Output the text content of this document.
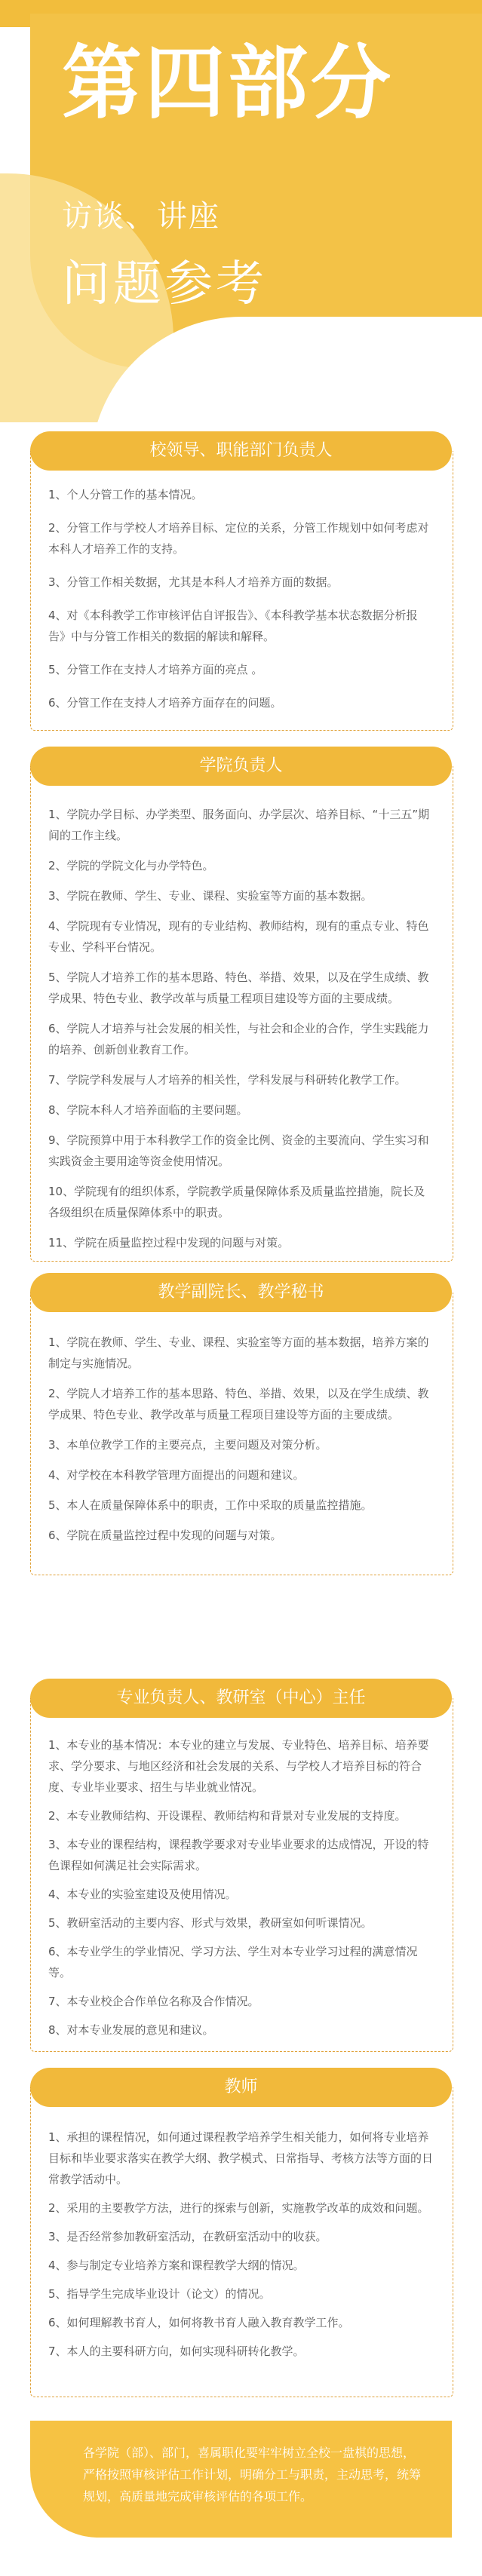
第四部分

访谈、讲座

问题参考

校领导、职能部门负责人

1、个人分管工作的基本情况。

2、分管工作与学校人才培养目标、定位的关系，分管工作规划中如何考虑对本科人才培养工作的支持。

3、分管工作相关数据，尤其是本科人才培养方面的数据。

4、对《本科教学工作审核评估自评报告》、《本科教学基本状态数据分析报告》中与分管工作相关的数据的解读和解释。

5、分管工作在支持人才培养方面的亮点 。

6、分管工作在支持人才培养方面存在的问题。

学院负责人

1、学院办学目标、办学类型、服务面向、办学层次、培养目标、“十三五”期间的工作主线。

2、学院的学院文化与办学特色。

3、学院在教师、学生、专业、课程、实验室等方面的基本数据。

4、学院现有专业情况，现有的专业结构、教师结构，现有的重点专业、特色专业、学科平台情况。

5、学院人才培养工作的基本思路、特色、举措、效果，以及在学生成绩、教学成果、特色专业、教学改革与质量工程项目建设等方面的主要成绩。

6、学院人才培养与社会发展的相关性，与社会和企业的合作，学生实践能力的培养、创新创业教育工作。

7、学院学科发展与人才培养的相关性，学科发展与科研转化教学工作。

8、学院本科人才培养面临的主要问题。

9、学院预算中用于本科教学工作的资金比例、资金的主要流向、学生实习和实践资金主要用途等资金使用情况。

10、学院现有的组织体系，学院教学质量保障体系及质量监控措施，院长及各级组织在质量保障体系中的职责。

11、学院在质量监控过程中发现的问题与对策。

教学副院长、教学秘书

1、学院在教师、学生、专业、课程、实验室等方面的基本数据，培养方案的制定与实施情况。

2、学院人才培养工作的基本思路、特色、举措、效果，以及在学生成绩、教学成果、特色专业、教学改革与质量工程项目建设等方面的主要成绩。

3、本单位教学工作的主要亮点，主要问题及对策分析。

4、对学校在本科教学管理方面提出的问题和建议。

5、本人在质量保障体系中的职责，工作中采取的质量监控措施。

6、学院在质量监控过程中发现的问题与对策。

专业负责人、教研室（中心）主任

1、本专业的基本情况：本专业的建立与发展、专业特色、培养目标、培养要求、学分要求、与地区经济和社会发展的关系、与学校人才培养目标的符合度、专业毕业要求、招生与毕业就业情况。

2、本专业教师结构、开设课程、教师结构和背景对专业发展的支持度。

3、本专业的课程结构，课程教学要求对专业毕业要求的达成情况，开设的特色课程如何满足社会实际需求。

4、本专业的实验室建设及使用情况。

5、教研室活动的主要内容、形式与效果，教研室如何听课情况。

6、本专业学生的学业情况、学习方法、学生对本专业学习过程的满意情况等。

7、本专业校企合作单位名称及合作情况。

8、对本专业发展的意见和建议。

教师

1、承担的课程情况，如何通过课程教学培养学生相关能力，如何将专业培养目标和毕业要求落实在教学大纲、教学模式、日常指导、考核方法等方面的日常教学活动中。

2、采用的主要教学方法，进行的探索与创新，实施教学改革的成效和问题。

3、是否经常参加教研室活动，在教研室活动中的收获。

4、参与制定专业培养方案和课程教学大纲的情况。

5、指导学生完成毕业设计（论文）的情况。

6、如何理解教书育人，如何将教书育人融入教育教学工作。

7、本人的主要科研方向，如何实现科研转化教学。

各学院（部）、部门，喜属职化要牢牢树立全校一盘棋的思想，严格按照审核评估工作计划，明确分工与职责，主动思考，统筹规划，高质量地完成审核评估的各项工作。
